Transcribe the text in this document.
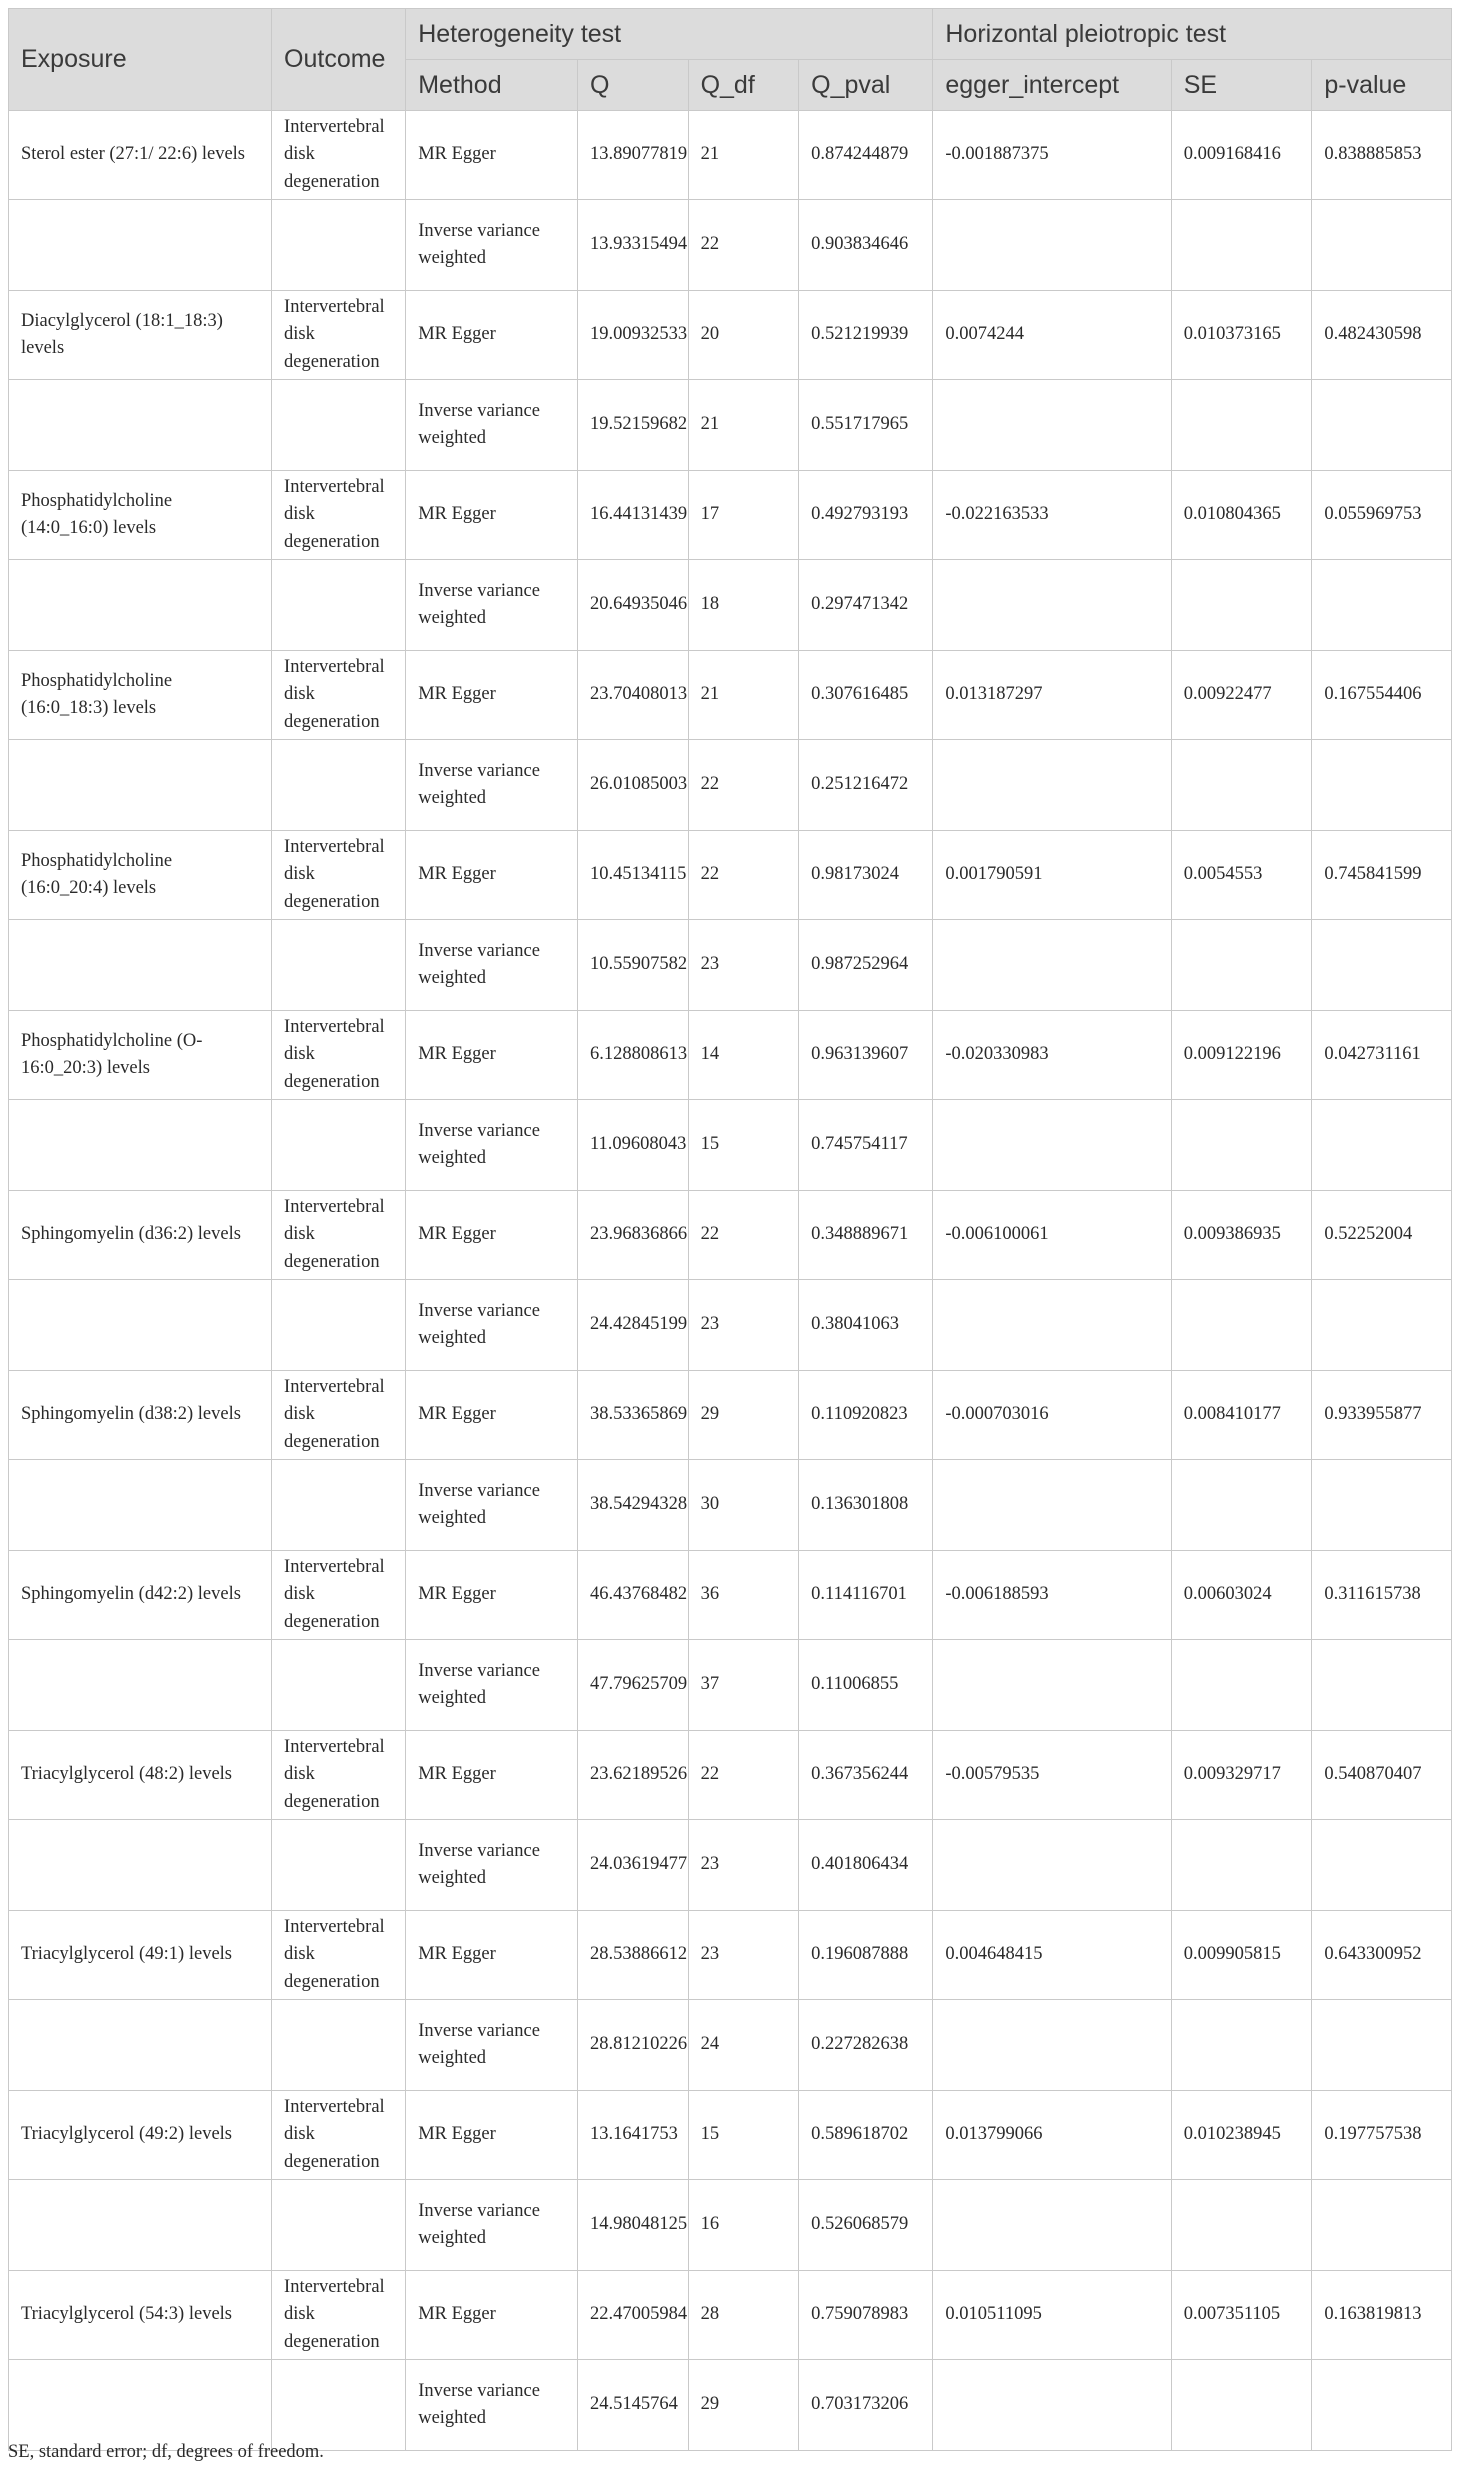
Exposure	Outcome	Heterogeneity test				Horizontal pleiotropic test		
		Method	Q	Q_df	Q_pval	egger_intercept	SE	p-value
Sterol ester (27:1/ 22:6) levels	Intervertebral disk degeneration	MR Egger	13.89077819	21	0.874244879	-0.001887375	0.009168416	0.838885853
		Inverse variance weighted	13.93315494	22	0.903834646			
Diacylglycerol (18:1_18:3) levels	Intervertebral disk degeneration	MR Egger	19.00932533	20	0.521219939	0.0074244	0.010373165	0.482430598
		Inverse variance weighted	19.52159682	21	0.551717965			
Phosphatidylcholine (14:0_16:0) levels	Intervertebral disk degeneration	MR Egger	16.44131439	17	0.492793193	-0.022163533	0.010804365	0.055969753
		Inverse variance weighted	20.64935046	18	0.297471342			
Phosphatidylcholine (16:0_18:3) levels	Intervertebral disk degeneration	MR Egger	23.70408013	21	0.307616485	0.013187297	0.00922477	0.167554406
		Inverse variance weighted	26.01085003	22	0.251216472			
Phosphatidylcholine (16:0_20:4) levels	Intervertebral disk degeneration	MR Egger	10.45134115	22	0.98173024	0.001790591	0.0054553	0.745841599
		Inverse variance weighted	10.55907582	23	0.987252964			
Phosphatidylcholine (O-16:0_20:3) levels	Intervertebral disk degeneration	MR Egger	6.128808613	14	0.963139607	-0.020330983	0.009122196	0.042731161
		Inverse variance weighted	11.09608043	15	0.745754117			
Sphingomyelin (d36:2) levels	Intervertebral disk degeneration	MR Egger	23.96836866	22	0.348889671	-0.006100061	0.009386935	0.52252004
		Inverse variance weighted	24.42845199	23	0.38041063			
Sphingomyelin (d38:2) levels	Intervertebral disk degeneration	MR Egger	38.53365869	29	0.110920823	-0.000703016	0.008410177	0.933955877
		Inverse variance weighted	38.54294328	30	0.136301808			
Sphingomyelin (d42:2) levels	Intervertebral disk degeneration	MR Egger	46.43768482	36	0.114116701	-0.006188593	0.00603024	0.311615738
		Inverse variance weighted	47.79625709	37	0.11006855			
Triacylglycerol (48:2) levels	Intervertebral disk degeneration	MR Egger	23.62189526	22	0.367356244	-0.00579535	0.009329717	0.540870407
		Inverse variance weighted	24.03619477	23	0.401806434			
Triacylglycerol (49:1) levels	Intervertebral disk degeneration	MR Egger	28.53886612	23	0.196087888	0.004648415	0.009905815	0.643300952
		Inverse variance weighted	28.81210226	24	0.227282638			
Triacylglycerol (49:2) levels	Intervertebral disk degeneration	MR Egger	13.1641753	15	0.589618702	0.013799066	0.010238945	0.197757538
		Inverse variance weighted	14.98048125	16	0.526068579			
Triacylglycerol (54:3) levels	Intervertebral disk degeneration	MR Egger	22.47005984	28	0.759078983	0.010511095	0.007351105	0.163819813
		Inverse variance weighted	24.5145764	29	0.703173206			
SE, standard error; df, degrees of freedom.
